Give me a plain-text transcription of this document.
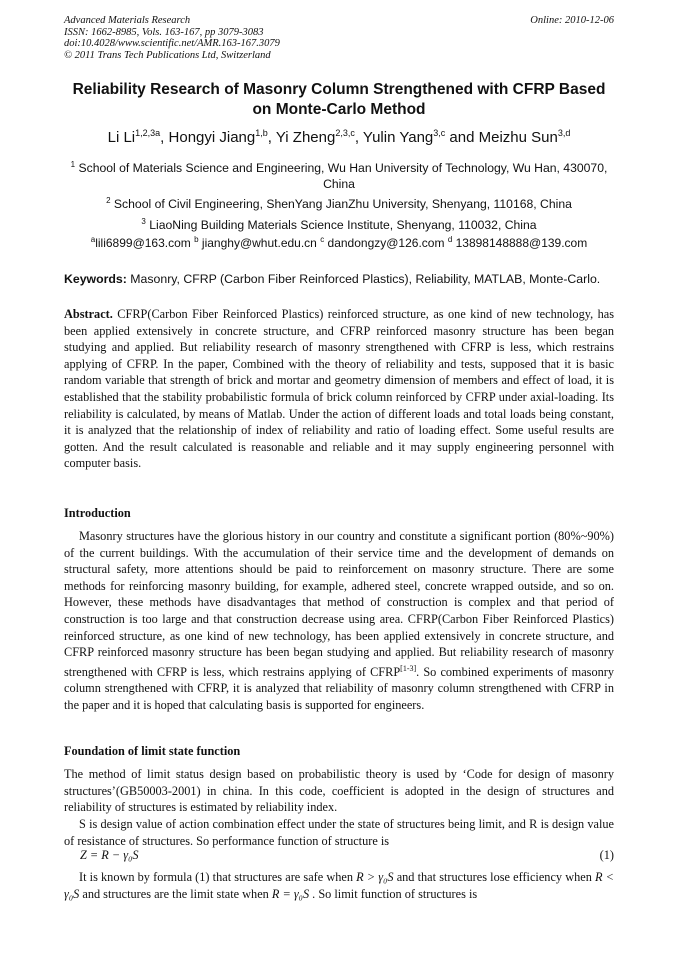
Advanced Materials Research
ISSN: 1662-8985, Vols. 163-167, pp 3079-3083
doi:10.4028/www.scientific.net/AMR.163-167.3079
© 2011 Trans Tech Publications Ltd, Switzerland
Online: 2010-12-06
Reliability Research of Masonry Column Strengthened with CFRP Based
on Monte-Carlo Method
Li $Li^{1,2,3a}$, Hongyi Jiang$^{1,b}$, Yi Zheng$^{2,3,c}$, Yulin Yang$^{3,c}$ and Meizhu Sun$^{3,d}$
$^1$ School of Materials Science and Engineering, Wu Han University of Technology, Wu Han, 430070,
China
$^2$ School of Civil Engineering, ShenYang JianZhu University, Shenyang, 110168, China
$^3$ LiaoNing Building Materials Science Institute, Shenyang, 110032, China
$^a$lili6899@163.com $^b$ jianghy@whut.edu.cn $^c$ dandongzy@126.com $^d$ 13898148888@139.com
Keywords: Masonry, CFRP (Carbon Fiber Reinforced Plastics), Reliability, MATLAB, Monte-Carlo.

Abstract. CFRP(Carbon Fiber Reinforced Plastics) reinforced structure, as one kind of new technology, has been applied extensively in concrete structure, and CFRP reinforced masonry structure has been began studying and applied. But reliability research of masonry strengthened with CFRP is less, which restrains applying of CFRP. In the paper, Combined with the theory of reliability and tests, supposed that it is basic random variable that strength of brick and mortar and geometry dimension of members and effect of load, it is established that the stability probabilistic formula of brick column reinforced by CFRP under axial-loading. Its reliability is calculated, by means of Matlab. Under the action of different loads and total loads being constant, it is analyzed that the relationship of index of reliability and ratio of loading effect. Some useful results are gotten. And the result calculated is reasonable and reliable and it may supply engineering personnel with computer basis.

Introduction

Masonry structures have the glorious history in our country and constitute a significant portion (80%~90%) of the current buildings. With the accumulation of their service time and the development of demands on structural safety, more attentions should be paid to reinforcement on masonry structure. There are some methods for reinforcing masonry building, for example, adhered steel, concrete wrapped outside, and so on. However, these methods have disadvantages that method of construction is complex and that period of construction is too large and that construction decrease using area. CFRP(Carbon Fiber Reinforced Plastics) reinforced structure, as one kind of new technology, has been applied extensively in concrete structure, and CFRP reinforced masonry structure has been began studying and applied. But reliability research of masonry strengthened with CFRP is less, which restrains applying of CFRP[1-3]. So combined experiments of masonry column strengthened with CFRP, it is analyzed that reliability of masonry column strengthened with CFRP in the paper and it is hoped that calculating basis is supported for engineers.

Foundation of limit state function

The method of limit status design based on probabilistic theory is used by ‘Code for design of masonry structures’(GB50003-2001) in china. In this code, coefficient is adopted in the design of structures and reliability of structures is estimated by reliability index.

S is design value of action combination effect under the state of structures being limit, and R is design value of resistance of structures. So performance function of structure is

Z = R − γ₀S	(1)

It is known by formula (1) that structures are safe when R > γ₀S and that structures lose efficiency when R < γ₀S and structures are the limit state when R = γ₀S . So limit function of structures is
